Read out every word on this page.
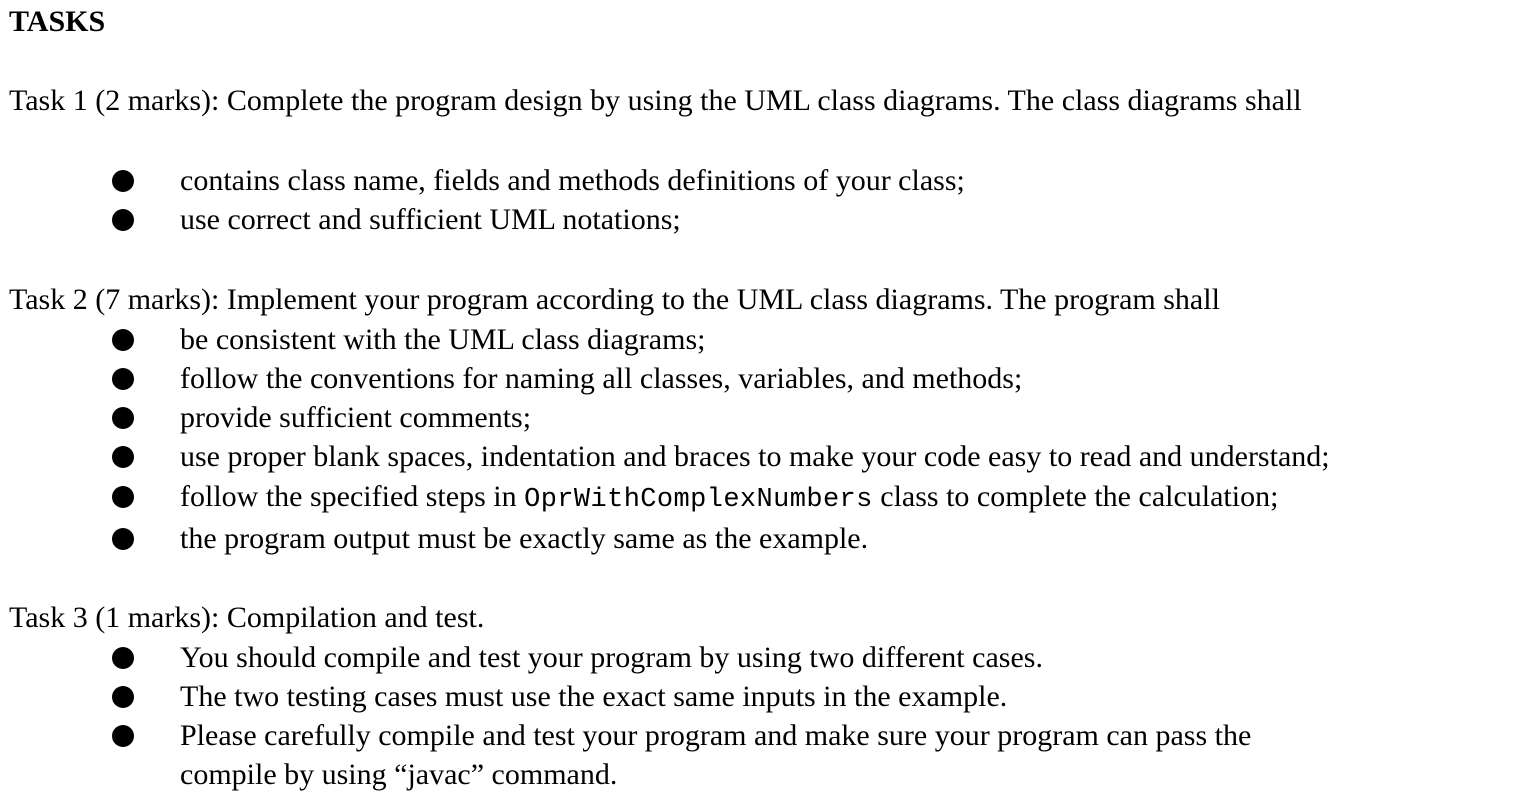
TASKS
Task 1 (2 marks): Complete the program design by using the UML class diagrams. The class diagrams shall
contains class name, fields and methods definitions of your class;
use correct and sufficient UML notations;
Task 2 (7 marks): Implement your program according to the UML class diagrams. The program shall
be consistent with the UML class diagrams;
follow the conventions for naming all classes, variables, and methods;
provide sufficient comments;
use proper blank spaces, indentation and braces to make your code easy to read and understand;
follow the specified steps in OprWithComplexNumbers class to complete the calculation;
the program output must be exactly same as the example.
Task 3 (1 marks): Compilation and test.
You should compile and test your program by using two different cases.
The two testing cases must use the exact same inputs in the example.
Please carefully compile and test your program and make sure your program can pass the
compile by using “javac” command.
